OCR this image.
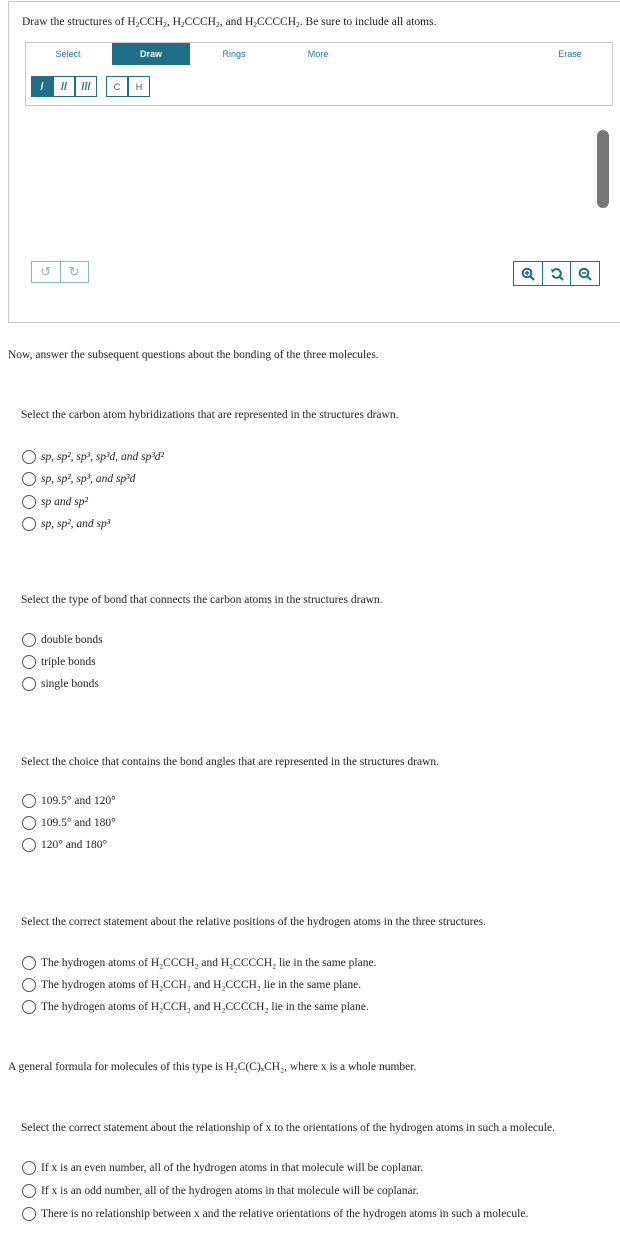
Draw the structures of $H_2CCH_2$, $H_2CCCH_2$, and $H_2CCCCH_2$. Be sure to include all atoms.
Select	Draw	Rings	More	Erase
/	//	///	C	H
↺	↻
Now, answer the subsequent questions about the bonding of the three molecules.
Select the carbon atom hybridizations that are represented in the structures drawn.
sp, sp², sp³, sp³d, and sp³d²
sp, sp², sp³, and sp³d
sp and sp²
sp, sp², and sp³
Select the type of bond that connects the carbon atoms in the structures drawn.
double bonds
triple bonds
single bonds
Select the choice that contains the bond angles that are represented in the structures drawn.
109.5° and 120°
109.5° and 180°
120° and 180°
Select the correct statement about the relative positions of the hydrogen atoms in the three structures.
The hydrogen atoms of H₂CCCH₂ and H₂CCCCH₂ lie in the same plane.
The hydrogen atoms of H₂CCH₂ and H₂CCCH₂ lie in the same plane.
The hydrogen atoms of H₂CCH₂ and H₂CCCCH₂ lie in the same plane.
A general formula for molecules of this type is H₂C(C)ₓCH₂, where x is a whole number.
Select the correct statement about the relationship of x to the orientations of the hydrogen atoms in such a molecule.
If x is an even number, all of the hydrogen atoms in that molecule will be coplanar.
If x is an odd number, all of the hydrogen atoms in that molecule will be coplanar.
There is no relationship between x and the relative orientations of the hydrogen atoms in such a molecule.
